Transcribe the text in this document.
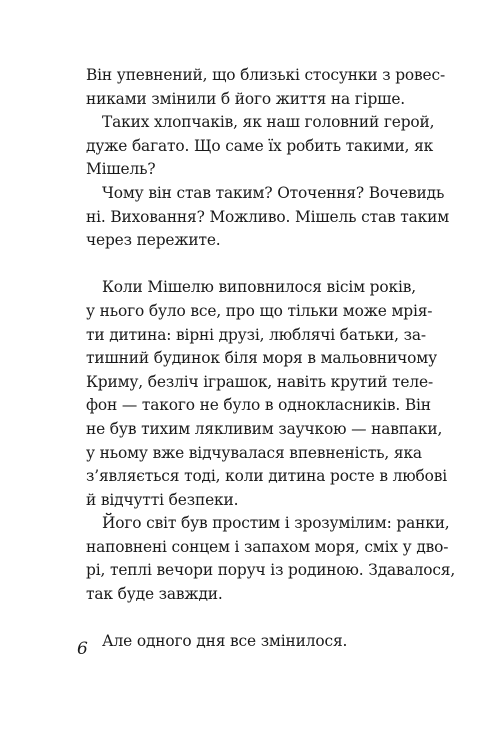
Він упевнений, що близькі стосунки з ровес-
никами змінили б його життя на гірше.
Таких хлопчаків, як наш головний герой,
дуже багато. Що саме їх робить такими, як
Мішель?
Чому він став таким? Оточення? Вочевидь
ні. Виховання? Можливо. Мішель став таким
через пережите.
Коли Мішелю виповнилося вісім років,
у нього було все, про що тільки може мрія-
ти дитина: вірні друзі, люблячі батьки, за-
тишний будинок біля моря в мальовничому
Криму, безліч іграшок, навіть крутий теле-
фон — такого не було в однокласників. Він
не був тихим лякливим заучкою — навпаки,
у ньому вже відчувалася впевненість, яка
з’являється тоді, коли дитина росте в любові
й відчутті безпеки.
Його світ був простим і зрозумілим: ранки,
наповнені сонцем і запахом моря, сміх у дво-
рі, теплі вечори поруч із родиною. Здавалося,
так буде завжди.
Але одного дня все змінилося.
6
